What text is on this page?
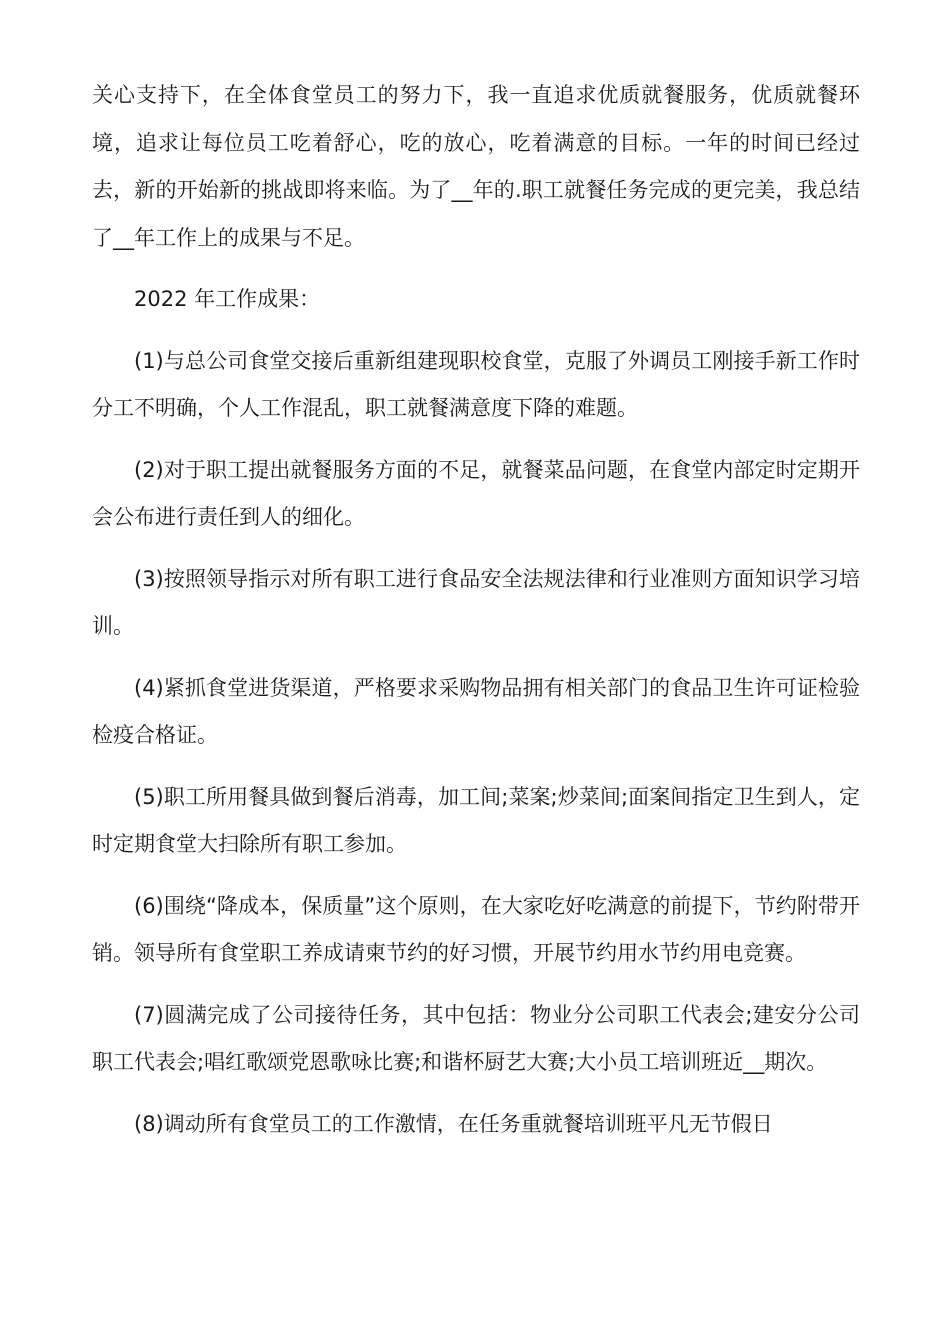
关心支持下，在全体食堂员工的努力下，我一直追求优质就餐服务，优质就餐环境，追求让每位员工吃着舒心，吃的放心，吃着满意的目标。一年的时间已经过去，新的开始新的挑战即将来临。为了__年的.职工就餐任务完成的更完美，我总结了__年工作上的成果与不足。

2022 年工作成果：

(1)与总公司食堂交接后重新组建现职校食堂，克服了外调员工刚接手新工作时分工不明确，个人工作混乱，职工就餐满意度下降的难题。

(2)对于职工提出就餐服务方面的不足，就餐菜品问题，在食堂内部定时定期开会公布进行责任到人的细化。

(3)按照领导指示对所有职工进行食品安全法规法律和行业准则方面知识学习培训。

(4)紧抓食堂进货渠道，严格要求采购物品拥有相关部门的食品卫生许可证检验检疫合格证。

(5)职工所用餐具做到餐后消毒，加工间;菜案;炒菜间;面案间指定卫生到人，定时定期食堂大扫除所有职工参加。

(6)围绕“降成本，保质量”这个原则，在大家吃好吃满意的前提下，节约附带开销。领导所有食堂职工养成请柬节约的好习惯，开展节约用水节约用电竞赛。

(7)圆满完成了公司接待任务，其中包括：物业分公司职工代表会;建安分公司职工代表会;唱红歌颂党恩歌咏比赛;和谐杯厨艺大赛;大小员工培训班近__期次。

(8)调动所有食堂员工的工作激情，在任务重就餐培训班平凡无节假日
